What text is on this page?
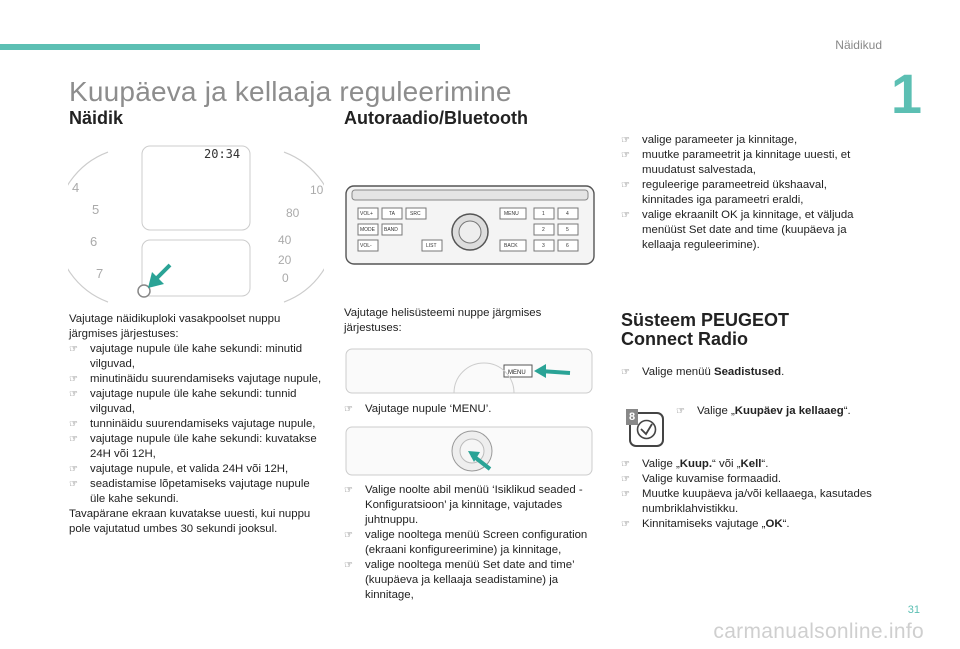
Näidikud
1
Kuupäeva ja kellaaja reguleerimine
Näidik
4
5
6
7
10
80
40
20
0
20:34

Vajutage näidikuploki vasakpoolset nuppu järgmises järjestuses:

☞ vajutage nupule üle kahe sekundi: minutid vilguvad,
☞ minutinäidu suurendamiseks vajutage nupule,
☞ vajutage nupule üle kahe sekundi: tunnid vilguvad,
☞ tunninäidu suurendamiseks vajutage nupule,
☞ vajutage nupule üle kahe sekundi: kuvatakse 24H või 12H,
☞ vajutage nupule, et valida 24H või 12H,
☞ seadistamise lõpetamiseks vajutage nupule üle kahe sekundi.

Tavapärane ekraan kuvatakse uuesti, kui nuppu pole vajutatud umbes 30 sekundi jooksul.

Autoraadio/Bluetooth
VOL+	TA	SRC
MODE BAND
VOL-	LIST
MENU
BACK
1	4
2	5
3	6

Vajutage helisüsteemi nuppe järgmises järjestuses:

MENU
☞ Vajutage nupule ‘MENU’.
☞ Valige noolte abil menüü ‘Isiklikud seaded - Konfiguratsioon’ ja kinnitage, vajutades juhtnuppu.
☞ valige nooltega menüü Screen configuration (ekraani konfigureerimine) ja kinnitage,
☞ valige nooltega menüü Set date and time’ (kuupäeva ja kellaaja seadistamine) ja kinnitage,
☞ valige parameeter ja kinnitage,
☞ muutke parameetrit ja kinnitage uuesti, et muudatust salvestada,
☞ reguleerige parameetreid ükshaaval, kinnitades iga parameetri eraldi,
☞ valige ekraanilt OK ja kinnitage, et väljuda menüüst Set date and time (kuupäeva ja kellaaja reguleerimine).
Süsteem PEUGEOT
Connect Radio
☞ Valige menüü Seadistused.
8	☞ Valige „Kuupäev ja kellaaeg“.
☞ Valige „Kuup.“ või „Kell“.
☞ Valige kuvamise formaadid.
☞ Muutke kuupäeva ja/või kellaaega, kasutades numbriklahvistikku.
☞ Kinnitamiseks vajutage „OK“.
31
carmanualsonline.info
